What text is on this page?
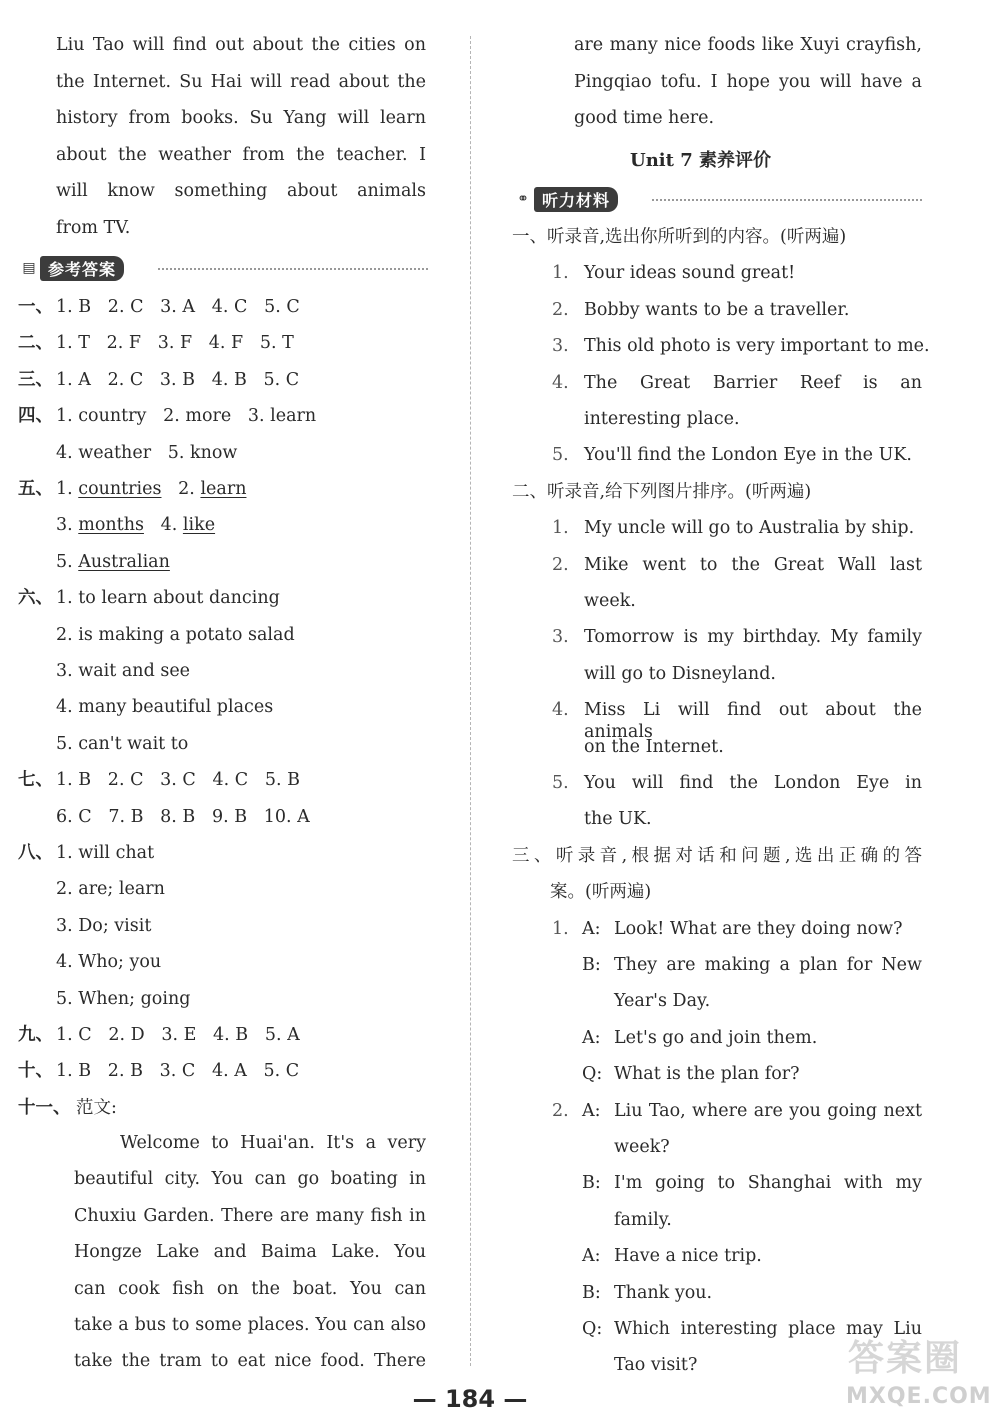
Liu Tao will find out about the cities on
the Internet. Su Hai will read about the
history from books. Su Yang will learn
about the weather from the teacher. I
will know something about animals
from TV.
▤ 参考答案
一、 1. B   2. C   3. A   4. C   5. C
二、 1. T   2. F   3. F   4. F   5. T
三、 1. A   2. C   3. B   4. B   5. C
四、 1. country   2. more   3. learn
4. weather   5. know
五、 1. countries   2. learn
3. months   4. like
5. Australian
六、 1. to learn about dancing
2. is making a potato salad
3. wait and see
4. many beautiful places
5. can't wait to
七、 1. B   2. C   3. C   4. C   5. B
6. C   7. B   8. B   9. B   10. A
八、 1. will chat
2. are; learn
3. Do; visit
4. Who; you
5. When; going
九、 1. C   2. D   3. E   4. B   5. A
十、 1. B   2. B   3. C   4. A   5. C
十一、 范文:
Welcome to Huai'an. It's a very
beautiful city. You can go boating in
Chuxiu Garden. There are many fish in
Hongze Lake and Baima Lake. You
can cook fish on the boat. You can
take a bus to some places. You can also
take the tram to eat nice food. There
are many nice foods like Xuyi crayfish,
Pingqiao tofu. I hope you will have a
good time here.
Unit 7 素养评价
⚭ 听力材料
一、听录音,选出你所听到的内容。(听两遍)
1. Your ideas sound great!
2. Bobby wants to be a traveller.
3. This old photo is very important to me.
4. The Great Barrier Reef is an
interesting place.
5. You'll find the London Eye in the UK.
二、听录音,给下列图片排序。(听两遍)
1. My uncle will go to Australia by ship.
2. Mike went to the Great Wall last
week.
3. Tomorrow is my birthday. My family
will go to Disneyland.
4. Miss Li will find out about the animals
on the Internet.
5. You will find the London Eye in
the UK.
三、听录音,根据对话和问题,选出正确的答
案。(听两遍)
1. A: Look! What are they doing now?
B: They are making a plan for New
Year's Day.
A: Let's go and join them.
Q: What is the plan for?
2. A: Liu Tao, where are you going next
week?
B: I'm going to Shanghai with my
family.
A: Have a nice trip.
B: Thank you.
Q: Which interesting place may Liu
Tao visit?
— 184 —
答案圈
MXQE.COM
